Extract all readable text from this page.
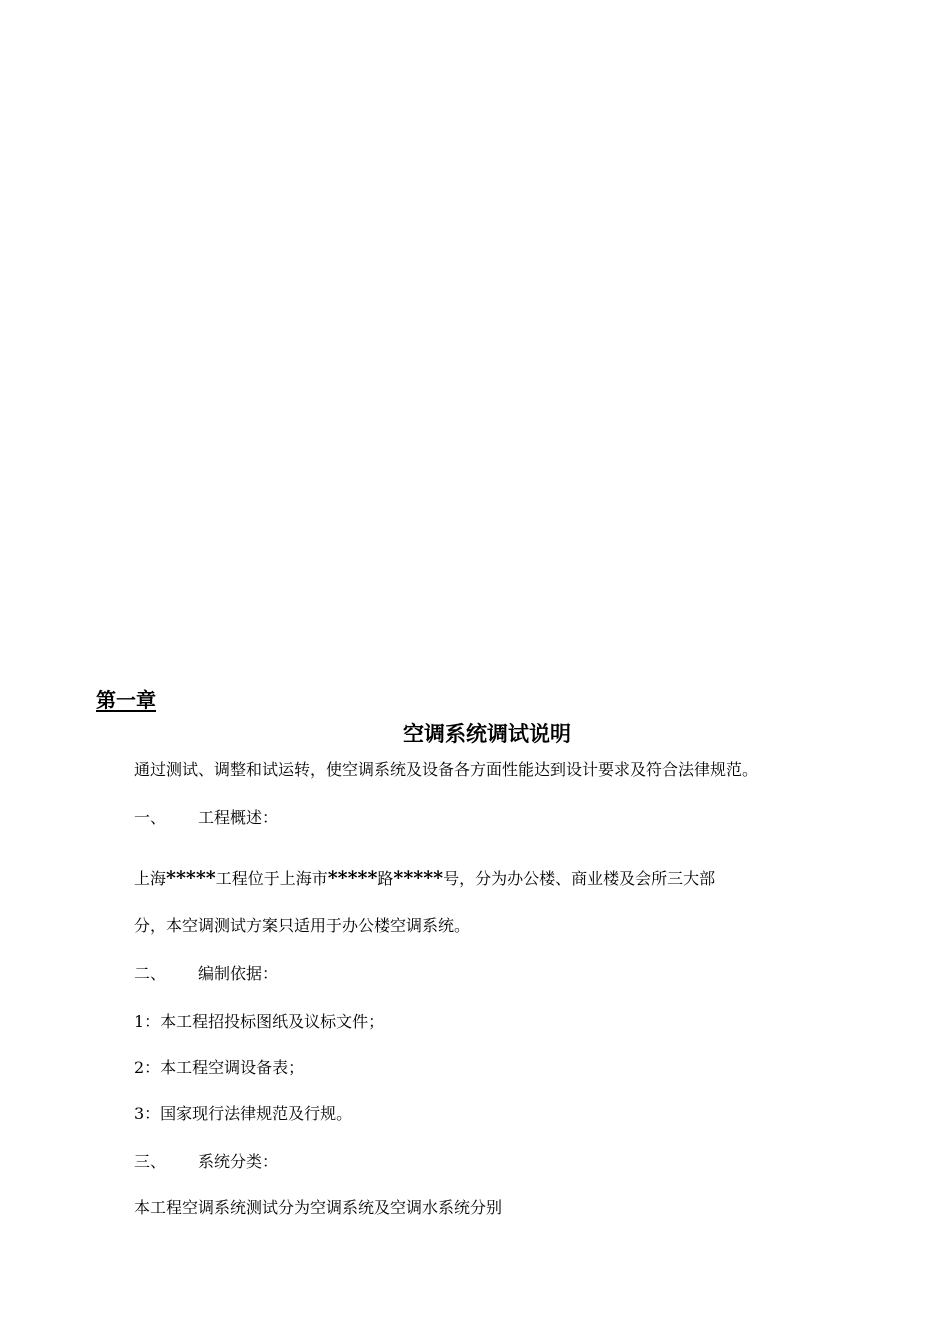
第一章
空调系统调试说明
通过测试、调整和试运转，使空调系统及设备各方面性能达到设计要求及符合法律规范。
一、 工程概述：
上海*****工程位于上海市*****路*****号，分为办公楼、商业楼及会所三大部
分，本空调测试方案只适用于办公楼空调系统。
二、 编制依据：
1：本工程招投标图纸及议标文件；
2：本工程空调设备表；
3：国家现行法律规范及行规。
三、 系统分类：
本工程空调系统测试分为空调系统及空调水系统分别
